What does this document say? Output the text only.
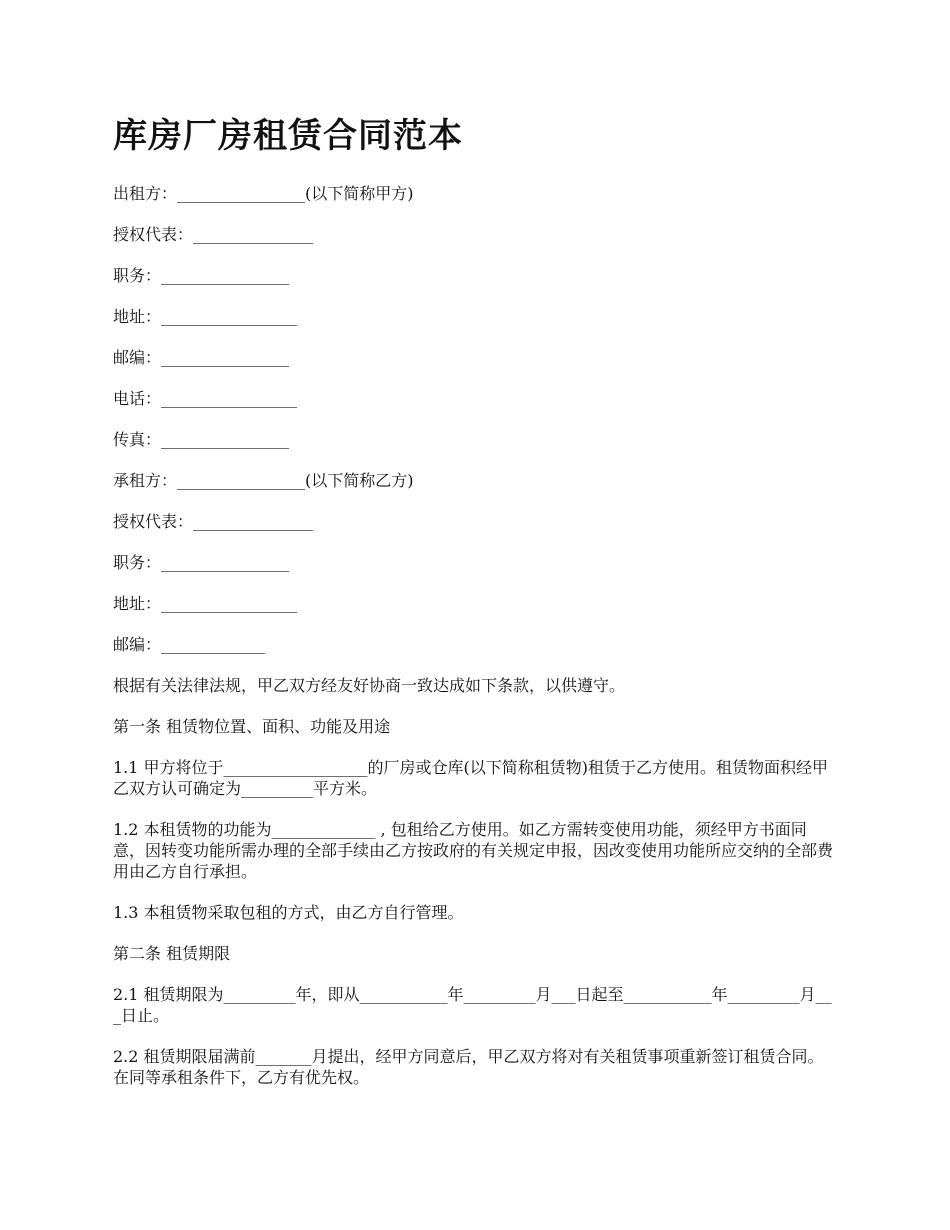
库房厂房租赁合同范本

出租方：________________(以下简称甲方)

授权代表：_______________

职务：________________

地址：_________________

邮编：________________

电话：_________________

传真：________________

承租方：________________(以下简称乙方)

授权代表：_______________

职务：________________

地址：_________________

邮编：_____________

根据有关法律法规，甲乙双方经友好协商一致达成如下条款，以供遵守。

第一条 租赁物位置、面积、功能及用途

1.1 甲方将位于__________________的厂房或仓库(以下简称租赁物)租赁于乙方使用。租赁物面积经甲乙双方认可确定为_________平方米。

1.2 本租赁物的功能为_____________ , 包租给乙方使用。如乙方需转变使用功能，须经甲方书面同意，因转变功能所需办理的全部手续由乙方按政府的有关规定申报，因改变使用功能所应交纳的全部费用由乙方自行承担。

1.3 本租赁物采取包租的方式，由乙方自行管理。

第二条 租赁期限

2.1 租赁期限为_________年，即从___________年_________月___日起至___________年_________月___日止。

2.2 租赁期限届满前_______月提出，经甲方同意后，甲乙双方将对有关租赁事项重新签订租赁合同。在同等承租条件下，乙方有优先权。
